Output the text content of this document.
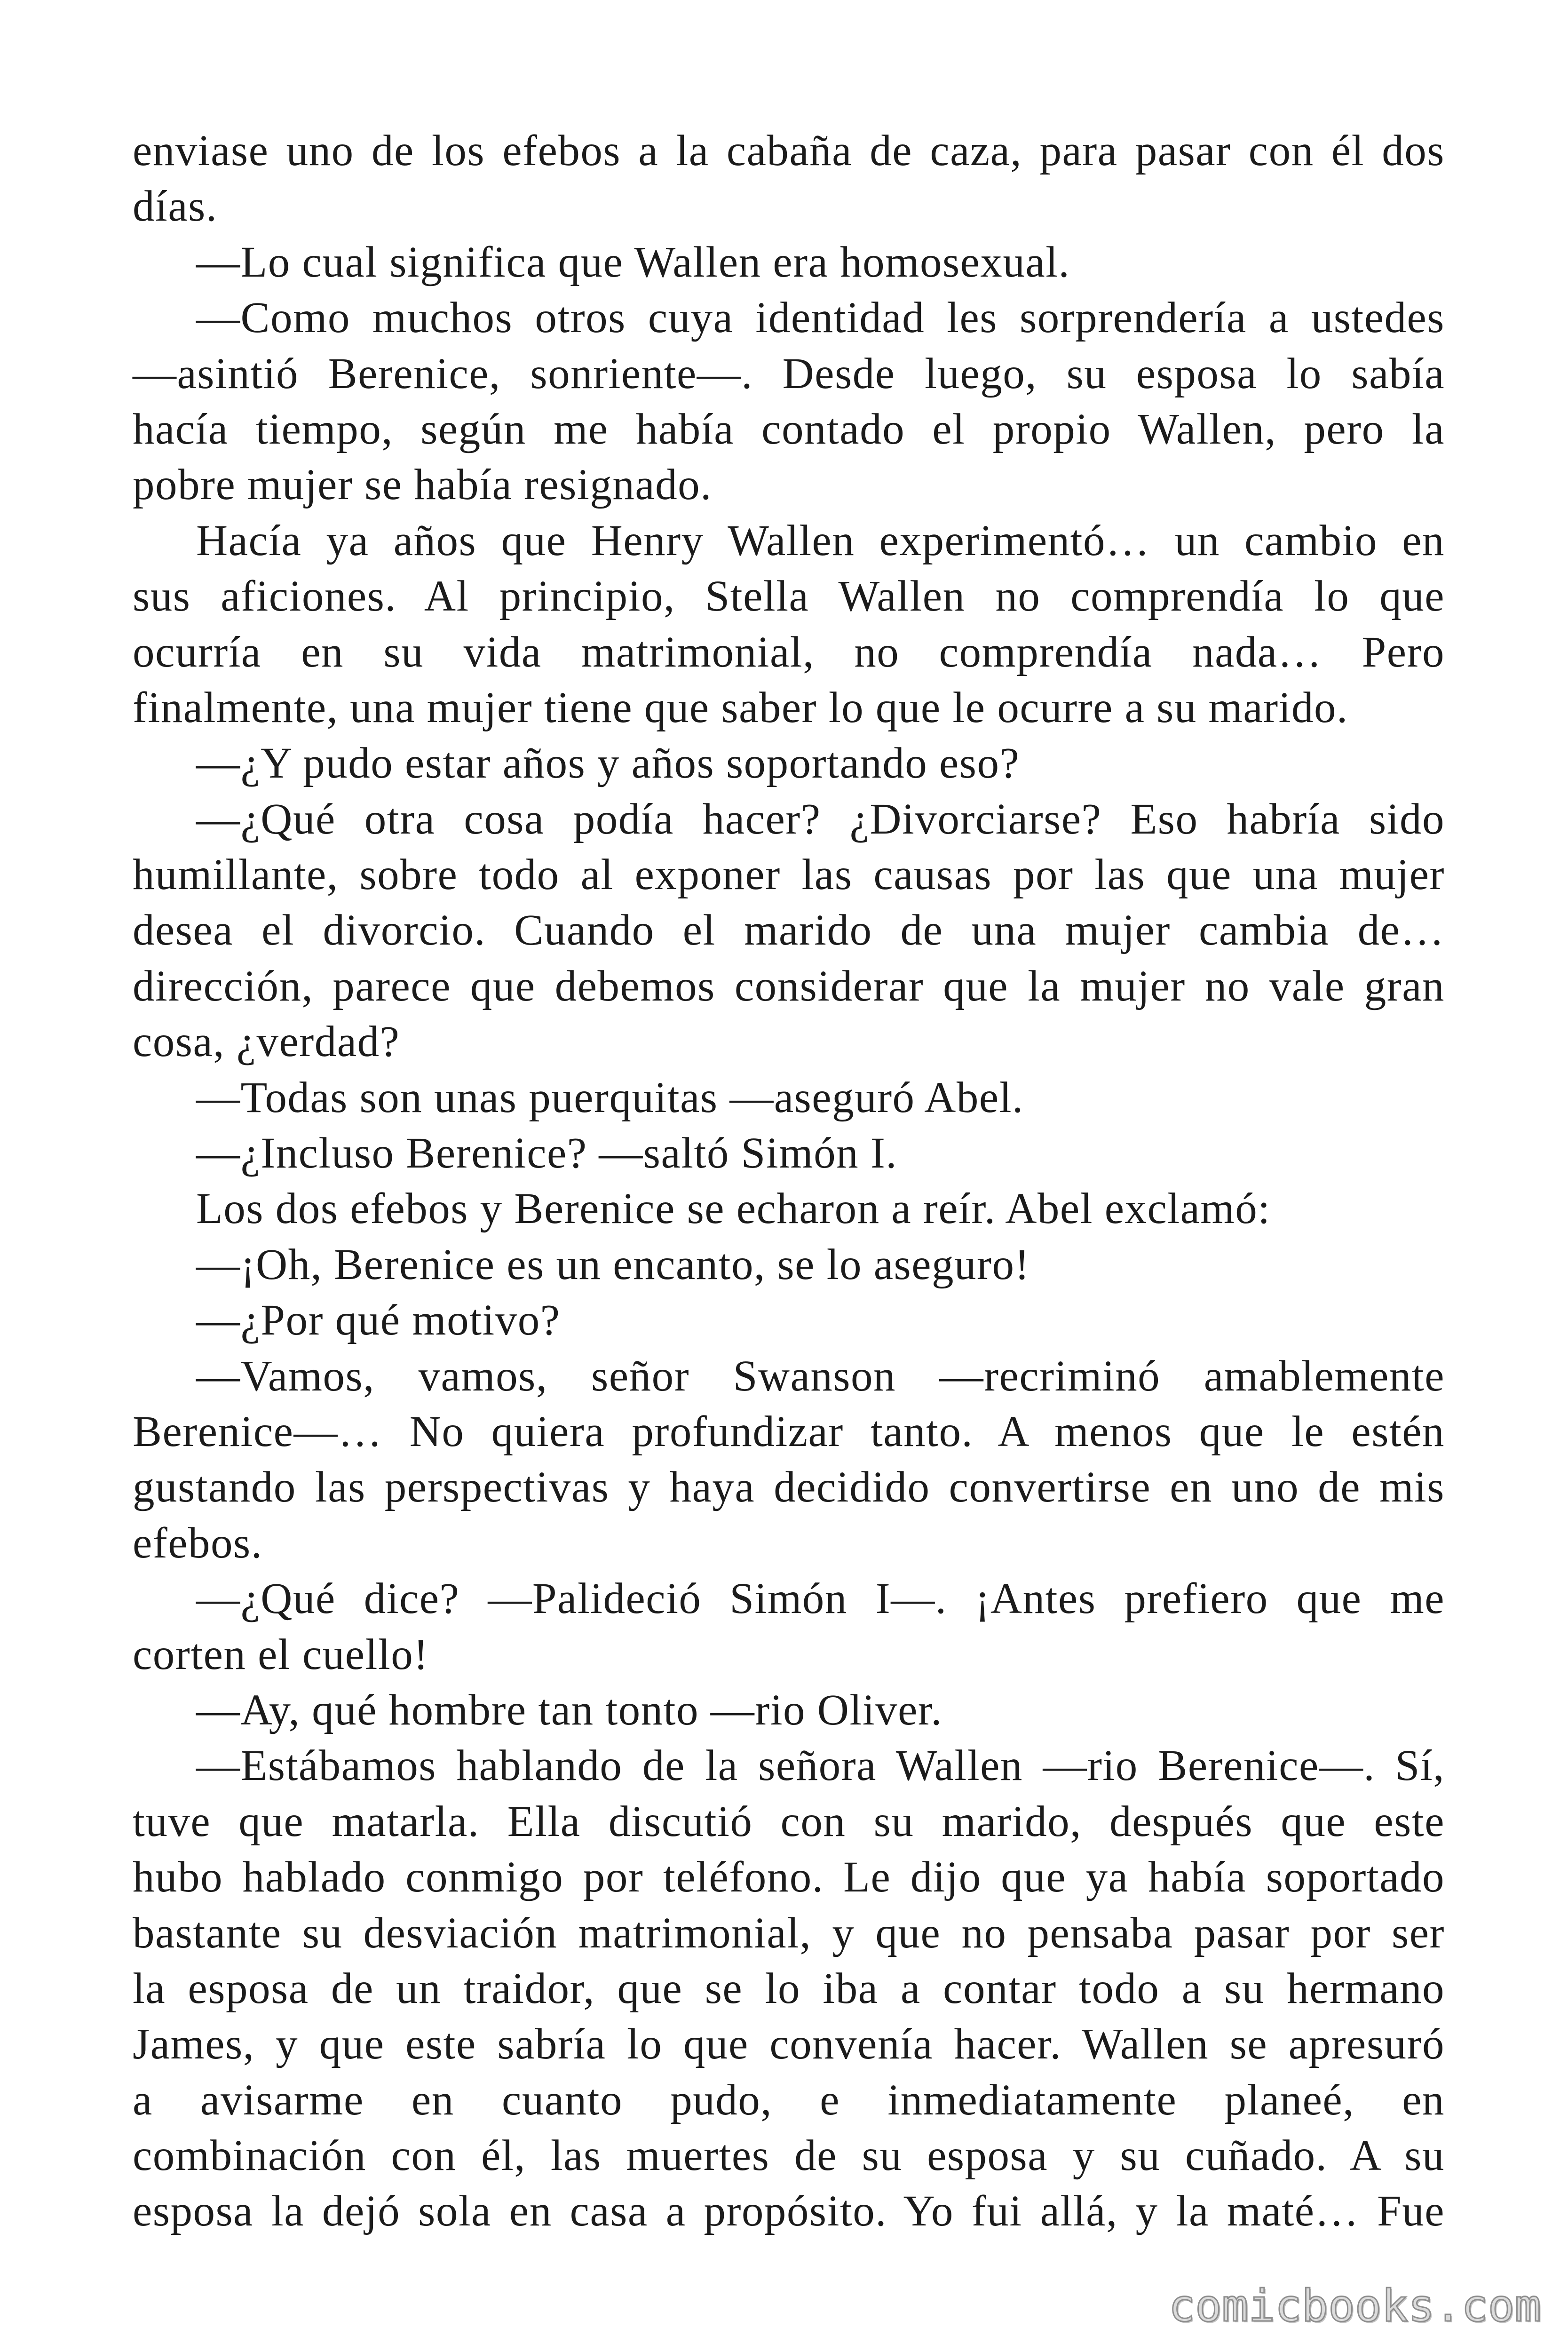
enviase uno de los efebos a la cabaña de caza, para pasar con él dos
días.
—Lo cual significa que Wallen era homosexual.
—Como muchos otros cuya identidad les sorprendería a ustedes
—asintió Berenice, sonriente—. Desde luego, su esposa lo sabía
hacía tiempo, según me había contado el propio Wallen, pero la
pobre mujer se había resignado.
Hacía ya años que Henry Wallen experimentó… un cambio en
sus aficiones. Al principio, Stella Wallen no comprendía lo que
ocurría en su vida matrimonial, no comprendía nada… Pero
finalmente, una mujer tiene que saber lo que le ocurre a su marido.
—¿Y pudo estar años y años soportando eso?
—¿Qué otra cosa podía hacer? ¿Divorciarse? Eso habría sido
humillante, sobre todo al exponer las causas por las que una mujer
desea el divorcio. Cuando el marido de una mujer cambia de…
dirección, parece que debemos considerar que la mujer no vale gran
cosa, ¿verdad?
—Todas son unas puerquitas —aseguró Abel.
—¿Incluso Berenice? —saltó Simón I.
Los dos efebos y Berenice se echaron a reír. Abel exclamó:
—¡Oh, Berenice es un encanto, se lo aseguro!
—¿Por qué motivo?
—Vamos, vamos, señor Swanson —recriminó amablemente
Berenice—… No quiera profundizar tanto. A menos que le estén
gustando las perspectivas y haya decidido convertirse en uno de mis
efebos.
—¿Qué dice? —Palideció Simón I—. ¡Antes prefiero que me
corten el cuello!
—Ay, qué hombre tan tonto —rio Oliver.
—Estábamos hablando de la señora Wallen —rio Berenice—. Sí,
tuve que matarla. Ella discutió con su marido, después que este
hubo hablado conmigo por teléfono. Le dijo que ya había soportado
bastante su desviación matrimonial, y que no pensaba pasar por ser
la esposa de un traidor, que se lo iba a contar todo a su hermano
James, y que este sabría lo que convenía hacer. Wallen se apresuró
a avisarme en cuanto pudo, e inmediatamente planeé, en
combinación con él, las muertes de su esposa y su cuñado. A su
esposa la dejó sola en casa a propósito. Yo fui allá, y la maté… Fue
comicbooks.com
